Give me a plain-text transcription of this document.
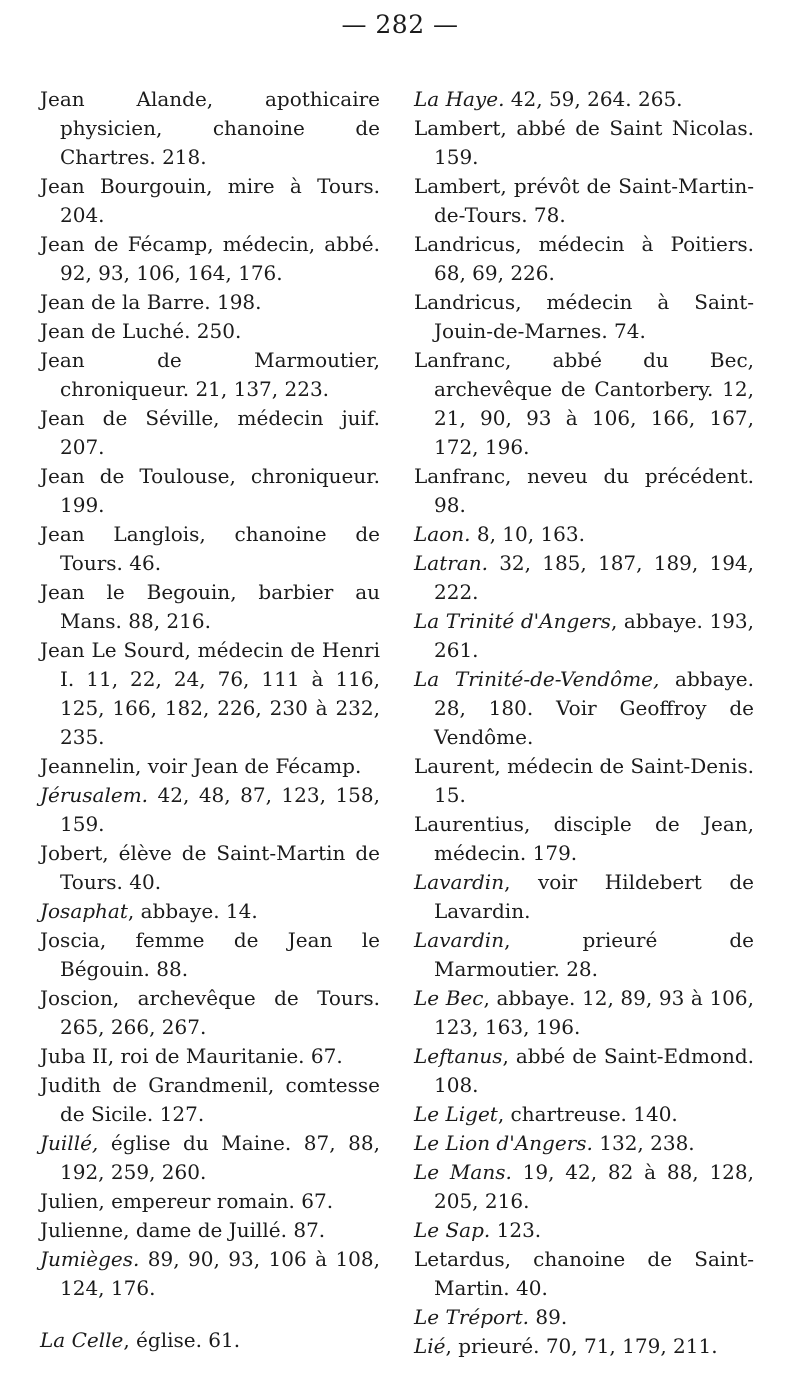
— 282 —
Jean Alande, apothicaire physicien, chanoine de Chartres. 218.
Jean Bourgouin, mire à Tours. 204.
Jean de Fécamp, médecin, abbé. 92, 93, 106, 164, 176.
Jean de la Barre. 198.
Jean de Luché. 250.
Jean de Marmoutier, chroniqueur. 21, 137, 223.
Jean de Séville, médecin juif. 207.
Jean de Toulouse, chroniqueur. 199.
Jean Langlois, chanoine de Tours. 46.
Jean le Begouin, barbier au Mans. 88, 216.
Jean Le Sourd, médecin de Henri I. 11, 22, 24, 76, 111 à 116, 125, 166, 182, 226, 230 à 232, 235.
Jeannelin, voir Jean de Fécamp.
Jérusalem. 42, 48, 87, 123, 158, 159.
Jobert, élève de Saint-Martin de Tours. 40.
Josaphat, abbaye. 14.
Joscia, femme de Jean le Bégouin. 88.
Joscion, archevêque de Tours. 265, 266, 267.
Juba II, roi de Mauritanie. 67.
Judith de Grandmenil, comtesse de Sicile. 127.
Juillé, église du Maine. 87, 88, 192, 259, 260.
Julien, empereur romain. 67.
Julienne, dame de Juillé. 87.
Jumièges. 89, 90, 93, 106 à 108, 124, 176.
La Celle, église. 61.
La Haye. 42, 59, 264. 265.
Lambert, abbé de Saint Nicolas. 159.
Lambert, prévôt de Saint-Martin-de-Tours. 78.
Landricus, médecin à Poitiers. 68, 69, 226.
Landricus, médecin à Saint-Jouin-de-Marnes. 74.
Lanfranc, abbé du Bec, archevêque de Cantorbery. 12, 21, 90, 93 à 106, 166, 167, 172, 196.
Lanfranc, neveu du précédent. 98.
Laon. 8, 10, 163.
Latran. 32, 185, 187, 189, 194, 222.
La Trinité d'Angers, abbaye. 193, 261.
La Trinité-de-Vendôme, abbaye. 28, 180. Voir Geoffroy de Vendôme.
Laurent, médecin de Saint-Denis. 15.
Laurentius, disciple de Jean, médecin. 179.
Lavardin, voir Hildebert de Lavardin.
Lavardin, prieuré de Marmoutier. 28.
Le Bec, abbaye. 12, 89, 93 à 106, 123, 163, 196.
Leftanus, abbé de Saint-Edmond. 108.
Le Liget, chartreuse. 140.
Le Lion d'Angers. 132, 238.
Le Mans. 19, 42, 82 à 88, 128, 205, 216.
Le Sap. 123.
Letardus, chanoine de Saint-Martin. 40.
Le Tréport. 89.
Lié, prieuré. 70, 71, 179, 211.
